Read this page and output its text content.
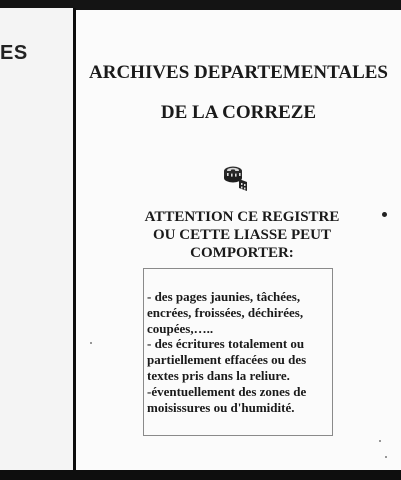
ES
ARCHIVES DEPARTEMENTALES
DE LA CORREZE
ATTENTION CE REGISTRE
OU CETTE LIASSE PEUT
COMPORTER:
- des pages jaunies, tâchées,
encrées, froissées, déchirées,
coupées,…..
- des écritures totalement ou
partiellement effacées ou des
textes pris dans la reliure.
-éventuellement des zones de
moisissures ou d'humidité.
